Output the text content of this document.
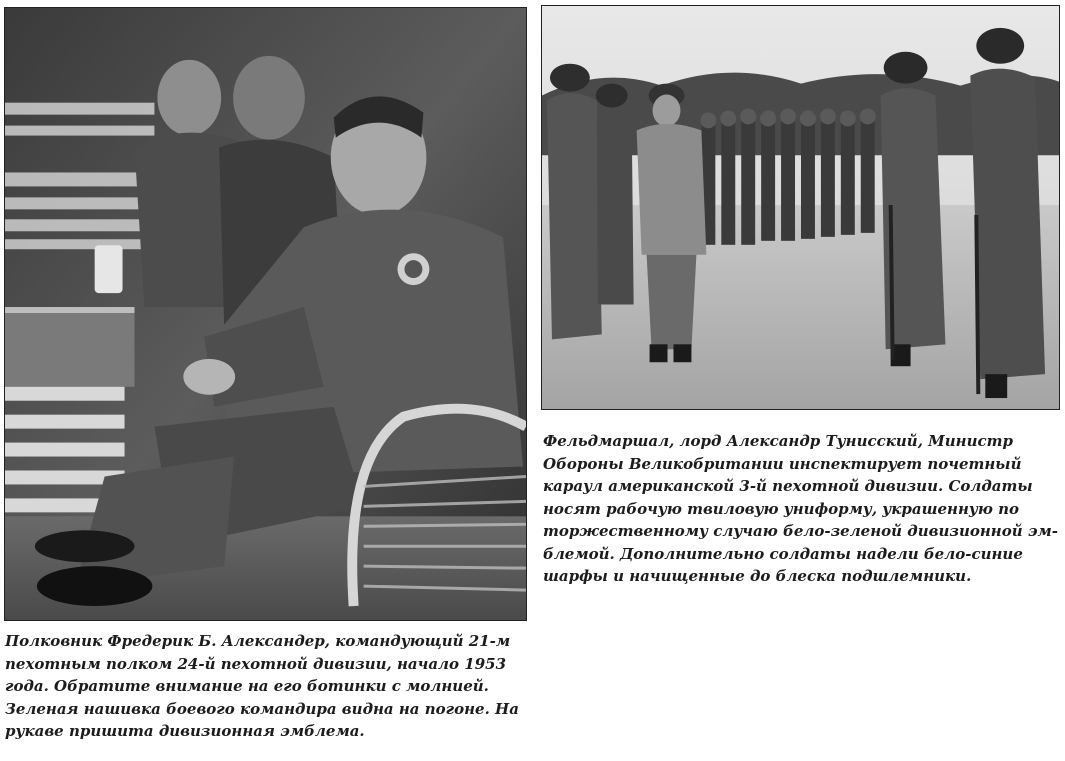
Фельдмаршал, лорд Александр Туниcский, Министр
Обороны Великобритании инспектирует почетный
караул американской 3-й пехотной дивизии. Солдаты
носят рабочую твиловую униформу, украшенную по
торжественному случаю бело-зеленой дивизионной эм-
блемой. Дополнительно солдаты надели бело-синие
шарфы и начищенные до блеска подшлемники.

Полковник Фредерик Б. Александер, командующий 21-м
пехотным полком 24-й пехотной дивизии, начало 1953
года. Обратите внимание на его ботинки с молнией.
Зеленая нашивка боевого командира видна на погоне. На
рукаве пришита дивизионная эмблема.
